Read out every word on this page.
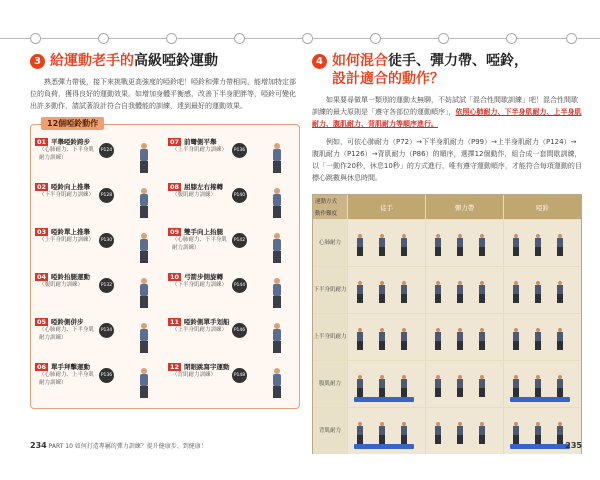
3 給運動老手的高級啞鈴運動
熟悉彈力帶後，接下來挑戰更高強度的啞鈴吧！啞鈴和彈力帶相同，能增加特定部位的負荷，獲得良好的運動效果。如增加身體平衡感，改善下半身肥胖等，啞鈴可變化出許多動作，請試著設計符合自我體能的訓練，達到最好的運動效果。
12個啞鈴動作
01 平舉啞鈴跨步
（心肺耐力、下半身肌耐力訓練）
P124
07 前彎側平舉
（上半身肌耐力訓練）	P136
02 啞鈴向上推舉
（下半身肌耐力訓練）	P128
08 屈膝左右捲轉
（腹肌耐力訓練）	P140
03 啞鈴單上推舉
（上半身肌耐力訓練）	P130
09 雙手向上抬腿
（心肺耐力、下半身肌耐力訓練）
P142
04 啞鈴抬腿運動
（腹肌耐力訓練）	P132
10 弓箭步側旋轉
（下半身肌耐力訓練）	P144
05 啞鈴側併步
（心肺耐力、下半身肌耐力訓練）
P134
11 啞鈴側單手划船
（上半身肌耐力訓練）	P146
06 單手拜擊運動
（心肺耐力、上半身肌耐力訓練）
P136
12 閉眼跳寫字運動
（背肌耐力訓練）	P148
234 PART 10 如何打造專屬的彈力訓練？提升健康步、到健康！
4 如何混合徒手、彈力帶、啞鈴，
設計適合的動作？
如果要尋做單一類別的運動太無聊，不妨試試「混合性間歇訓練」吧！混合性間歇訓練的最大原則是「遵守各部位的運動順序」，依照心肺耐力、下半身肌耐力、上半身肌耐力、腹肌耐力、背肌耐力等順序進行。
例如，可依心肺耐力（P72）→下半身肌耐力（P99）→上半身肌耐力（P124）→腹肌耐力（P126）→背肌耐力（P86）的順序，選擇12個動作，組合成一套間歇訓練，以「一動作20秒，休息10秒」的方式進行，唯有遵守運動順序，才能符合每項運動的目標心跳數與休息時間。
運動方式
動作難度
徒手	彈力帶	啞鈴
心肺耐力
下半身肌耐力
上半身肌耐力
腹肌耐力
背肌耐力
235
